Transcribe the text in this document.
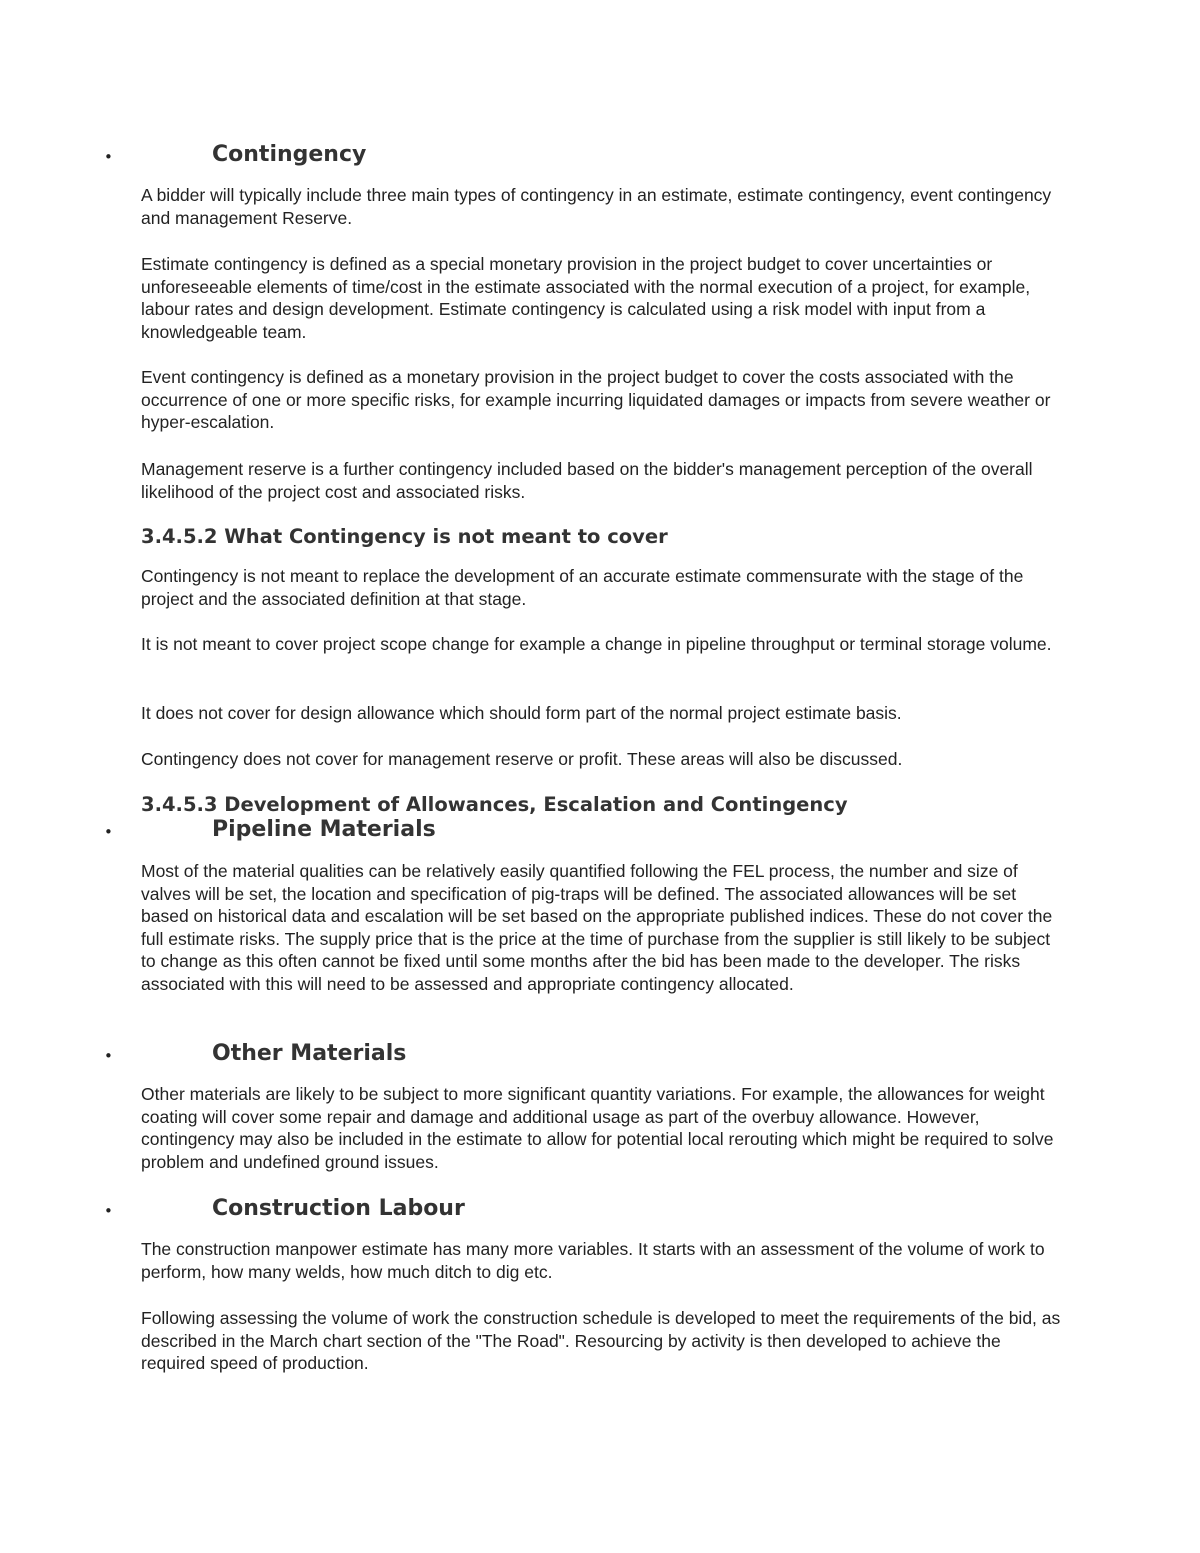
•	Contingency

A bidder will typically include three main types of contingency in an estimate, estimate contingency, event contingency and management Reserve.

Estimate contingency is defined as a special monetary provision in the project budget to cover uncertainties or unforeseeable elements of time/cost in the estimate associated with the normal execution of a project, for example, labour rates and design development. Estimate contingency is calculated using a risk model with input from a knowledgeable team.

Event contingency is defined as a monetary provision in the project budget to cover the costs associated with the occurrence of one or more specific risks, for example incurring liquidated damages or impacts from severe weather or hyper-escalation.

Management reserve is a further contingency included based on the bidder's management perception of the overall likelihood of the project cost and associated risks.

3.4.5.2 What Contingency is not meant to cover

Contingency is not meant to replace the development of an accurate estimate commensurate with the stage of the project and the associated definition at that stage.

It is not meant to cover project scope change for example a change in pipeline throughput or terminal storage volume.

It does not cover for design allowance which should form part of the normal project estimate basis.

Contingency does not cover for management reserve or profit. These areas will also be discussed.

3.4.5.3 Development of Allowances, Escalation and Contingency
•	Pipeline Materials

Most of the material qualities can be relatively easily quantified following the FEL process, the number and size of valves will be set, the location and specification of pig-traps will be defined. The associated allowances will be set based on historical data and escalation will be set based on the appropriate published indices. These do not cover the full estimate risks. The supply price that is the price at the time of purchase from the supplier is still likely to be subject to change as this often cannot be fixed until some months after the bid has been made to the developer. The risks associated with this will need to be assessed and appropriate contingency allocated.

•	Other Materials

Other materials are likely to be subject to more significant quantity variations. For example, the allowances for weight coating will cover some repair and damage and additional usage as part of the overbuy allowance. However, contingency may also be included in the estimate to allow for potential local rerouting which might be required to solve problem and undefined ground issues.

•	Construction Labour

The construction manpower estimate has many more variables. It starts with an assessment of the volume of work to perform, how many welds, how much ditch to dig etc.

Following assessing the volume of work the construction schedule is developed to meet the requirements of the bid, as described in the March chart section of the "The Road". Resourcing by activity is then developed to achieve the required speed of production.
